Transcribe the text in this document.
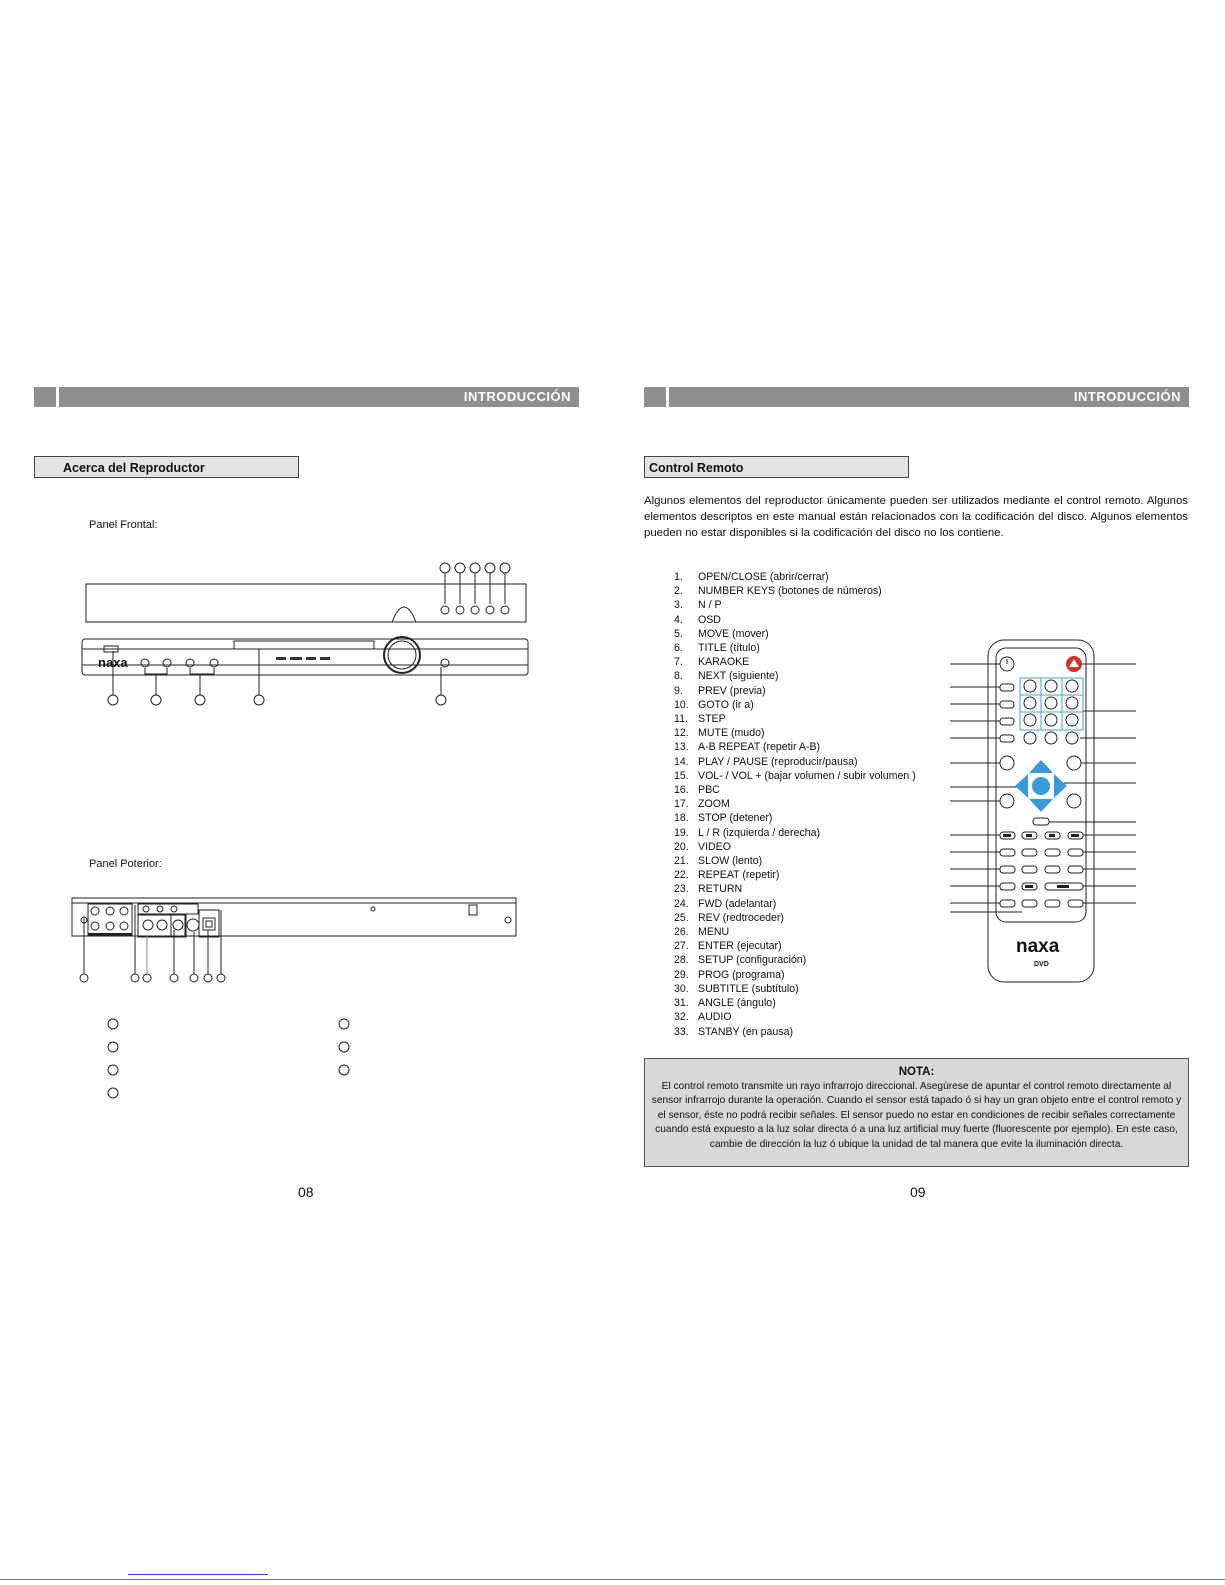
INTRODUCCIÓN
Acerca del Reproductor
Panel Frontal:
naxa
Panel Poterior:
08
INTRODUCCIÓN
Control Remoto
Algunos elementos del reproductor únicamente pueden ser utilizados mediante el control remoto. Algunos elementos descriptos en este manual están relacionados con la codificación del disco. Algunos elementos pueden no estar disponibles si la codificación del disco no los contiene.
1. OPEN/CLOSE (abrir/cerrar)
2. NUMBER KEYS (botones de números)
3. N / P
4. OSD
5. MOVE (mover)
6. TITLE (título)
7. KARAOKE
8. NEXT (siguiente)
9. PREV (previa)
10. GOTO (ir a)
11. STEP
12. MUTE (mudo)
13. A-B REPEAT (repetir A-B)
14. PLAY / PAUSE (reproducir/pausa)
15. VOL- / VOL + (bajar volumen / subir volumen )
16. PBC
17. ZOOM
18. STOP (detener)
19. L / R (izquierda / derecha)
20. VIDEO
21. SLOW (lento)
22. REPEAT (repetir)
23. RETURN
24. FWD (adelantar)
25. REV (redtroceder)
26. MENU
27. ENTER (ejecutar)
28. SETUP (configuración)
29. PROG (programa)
30. SUBTITLE (subtítulo)
31. ANGLE (ángulo)
32. AUDIO
33. STANBY (en pausa)
naxa
DVD
NOTA:
El control remoto transmite un rayo infrarrojo direccional. Asegúrese de apuntar el control remoto directamente al sensor infrarrojo durante la operación. Cuando el sensor está tapado ó si hay un gran objeto entre el control remoto y el sensor, éste no podrá recibir señales. El sensor puedo no estar en condiciones de recibir señales correctamente cuando está expuesto a la luz solar directa ó a una luz artificial muy fuerte (fluorescente por ejemplo). En este caso, cambie de dirección la luz ó ubique la unidad de tal manera que evite la iluminación directa.
09
